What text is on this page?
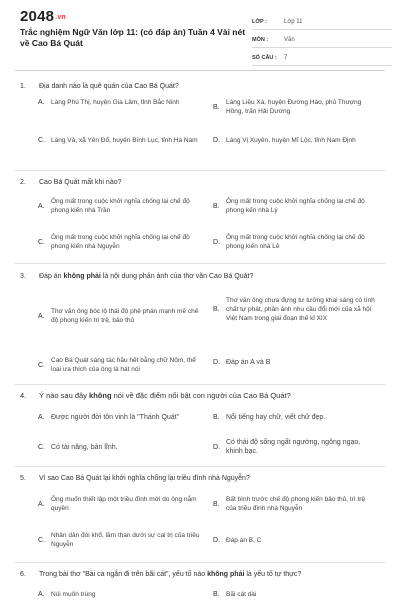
2048.vn
Trắc nghiệm Ngữ Văn lớp 11: (có đáp án) Tuần 4 Vài nét về Cao Bá Quát
LỚP :	Lớp 11
MÔN :	Văn
SỐ CÂU :	7
1.	Địa danh nào là quê quán của Cao Bá Quát?
A. Làng Phú Thị, huyện Gia Lâm, tỉnh Bắc Ninh
B.
Làng Liêu Xá, huyện Đường Hào, phủ Thượng Hồng, trấn Hải Dương
C. Làng Vả, xã Yên Đổ, huyện Bình Lục, tỉnh Hà Nam	D. Làng Vị Xuyên, huyện Mĩ Lộc, tỉnh Nam Định
2.	Cao Bá Quát mất khi nào?
A.
Ông mất trong cuộc khởi nghĩa chống lại chế độ phong kiến nhà Trần
B.
Ông mất trong cuộc khởi nghĩa chống lại chế độ phong kến nhà Lý
C.
Ông mất trong cuộc khởi nghĩa chống lại chế độ phong kiến nhà Nguyễn
D.
Ông mất trong cuộc khởi nghĩa chống lại chế độ phong kiến nhà Lê
3.	Đáp án không phải là nội dung phản ánh của thơ văn Cao Bá Quát?
A.
Thơ văn ông bóc lộ thái độ phê phán mạnh mẽ chế độ phong kiến trì trệ, bảo thủ
B.
Thơ văn ông chưa đựng tư tưởng khai sáng có tính chất tự phát, phản ánh nhu cầu đổi mới của xã hội Việt Nam trong giai đoạn thế kỉ XIX
C.
Cao Bá Quát sáng tác hầu hết bằng chữ Nôm, thể loại ưa thích của ông là hát nói
D. Đáp án A và B
4.	Ý nào sau đây không nói về đặc điểm nổi bật con người của Cao Bá Quát?
A. Được người đời tôn vinh là "Thánh Quát"	B. Nổi tiếng hay chữ, viết chữ đẹp.
C. Có tài năng, bản lĩnh.	D.
Có thái độ sống ngất ngưởng, ngông ngạo, khinh bạc.
5.	Vì sao Cao Bá Quát lại khởi nghĩa chống lại triều đình nhà Nguyễn?
A.
Ông muốn thiết lập một triều đình mới do ông nắm quyền
B.
Bất bình trước chế độ phong kiến bảo thủ, trì trệ của triều đình nhà Nguyễn
C.
Nhân dân đói khổ, lầm than dưới sự cai trị của triều Nguyễn
D. Đáp án B, C
6.	Trong bài thơ "Bài ca ngắn đi trên bãi cát", yếu tố nào không phải là yếu tố tự thực?
A. Núi muôn trùng	B. Bãi cát dài
